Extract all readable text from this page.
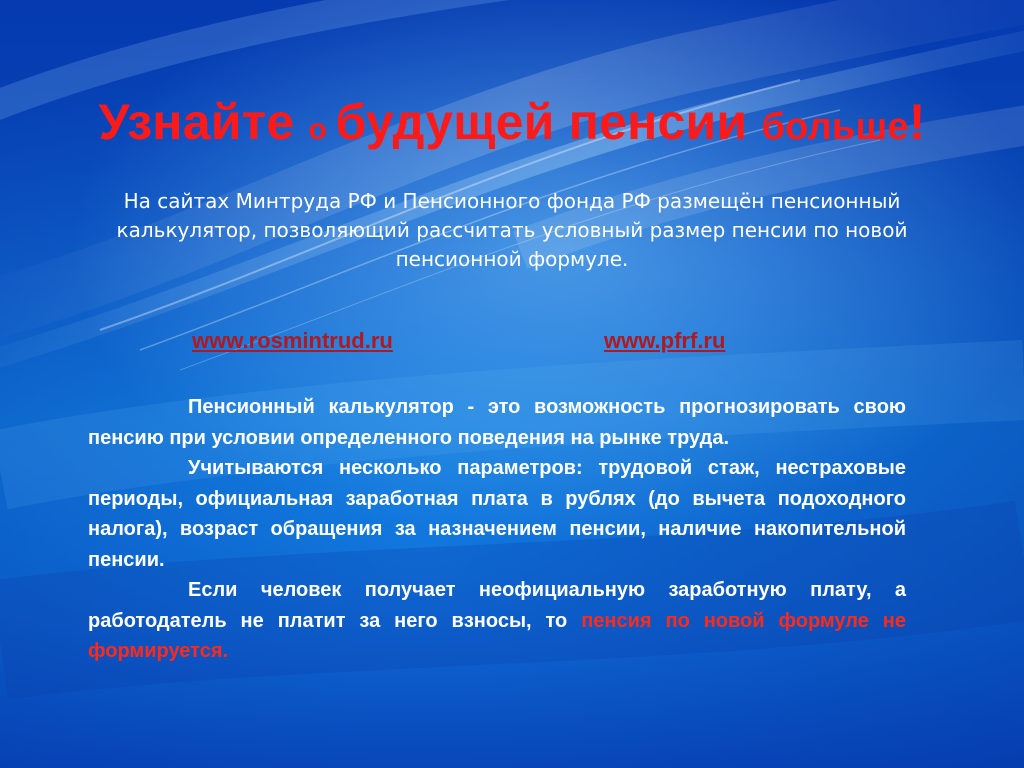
Узнайте о будущей пенсии больше!
На сайтах Минтруда РФ и Пенсионного фонда РФ размещён пенсионный калькулятор, позволяющий рассчитать условный размер пенсии по новой пенсионной формуле.
www.rosmintrud.ru	www.pfrf.ru

Пенсионный калькулятор - это возможность прогнозировать свою пенсию при условии определенного поведения на рынке труда.

Учитываются несколько параметров: трудовой стаж, нестраховые периоды, официальная заработная плата в рублях (до вычета подоходного налога), возраст обращения за назначением пенсии, наличие накопительной пенсии.

Если человек получает неофициальную заработную плату, а работодатель не платит за него взносы, то пенсия по новой формуле не формируется.
